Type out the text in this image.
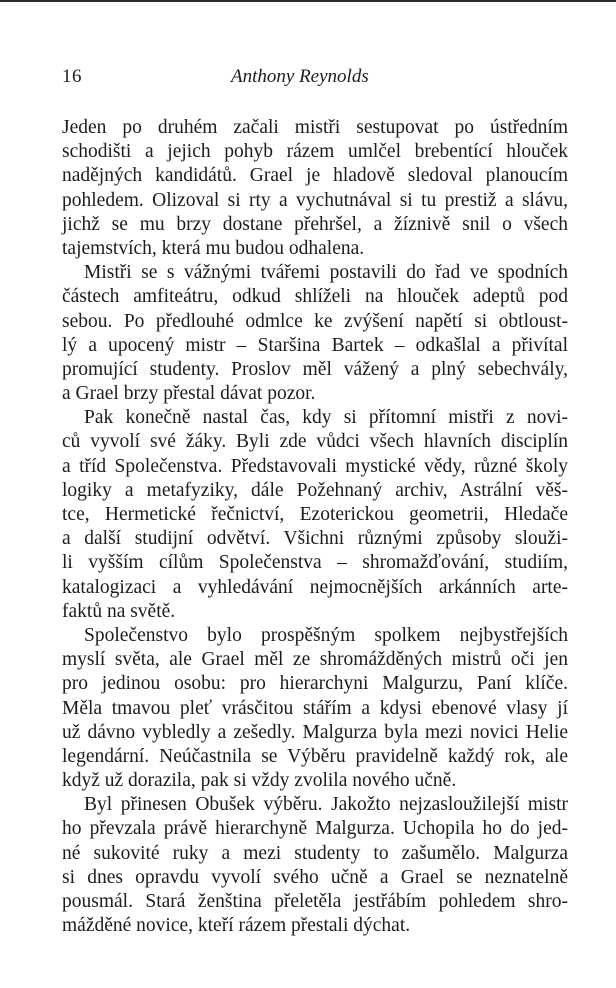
16	Anthony Reynolds
Jeden po druhém začali mistři sestupovat po ústředním
schodišti a jejich pohyb rázem umlčel brebentící hlouček
nadějných kandidátů. Grael je hladově sledoval planoucím
pohledem. Olizoval si rty a vychutnával si tu prestiž a slávu,
jichž se mu brzy dostane přehršel, a žíznivě snil o všech
tajemstvích, která mu budou odhalena.
Mistři se s vážnými tvářemi postavili do řad ve spodních
částech amfiteátru, odkud shlíželi na hlouček adeptů pod
sebou. Po předlouhé odmlce ke zvýšení napětí si obtloust-
lý a upocený mistr – Staršina Bartek – odkašlal a přivítal
promující studenty. Proslov měl vážený a plný sebechvály,
a Grael brzy přestal dávat pozor.
Pak konečně nastal čas, kdy si přítomní mistři z novi-
ců vyvolí své žáky. Byli zde vůdci všech hlavních disciplín
a tříd Společenstva. Představovali mystické vědy, různé školy
logiky a metafyziky, dále Požehnaný archiv, Astrální věš-
tce, Hermetické řečnictví, Ezoterickou geometrii, Hledače
a další studijní odvětví. Všichni různými způsoby slouži-
li vyšším cílům Společenstva – shromažďování, studiím,
katalogizaci a vyhledávání nejmocnějších arkánních arte-
faktů na světě.
Společenstvo bylo prospěšným spolkem nejbystřejších
myslí světa, ale Grael měl ze shromážděných mistrů oči jen
pro jedinou osobu: pro hierarchyni Malgurzu, Paní klíče.
Měla tmavou pleť vrásčitou stářím a kdysi ebenové vlasy jí
už dávno vybledly a zešedly. Malgurza byla mezi novici Helie
legendární. Neúčastnila se Výběru pravidelně každý rok, ale
když už dorazila, pak si vždy zvolila nového učně.
Byl přinesen Obušek výběru. Jakožto nejzasloužilejší mistr
ho převzala právě hierarchyně Malgurza. Uchopila ho do jed-
né sukovité ruky a mezi studenty to zašumělo. Malgurza
si dnes opravdu vyvolí svého učně a Grael se neznatelně
pousmál. Stará ženština přeletěla jestřábím pohledem shro-
mážděné novice, kteří rázem přestali dýchat.
